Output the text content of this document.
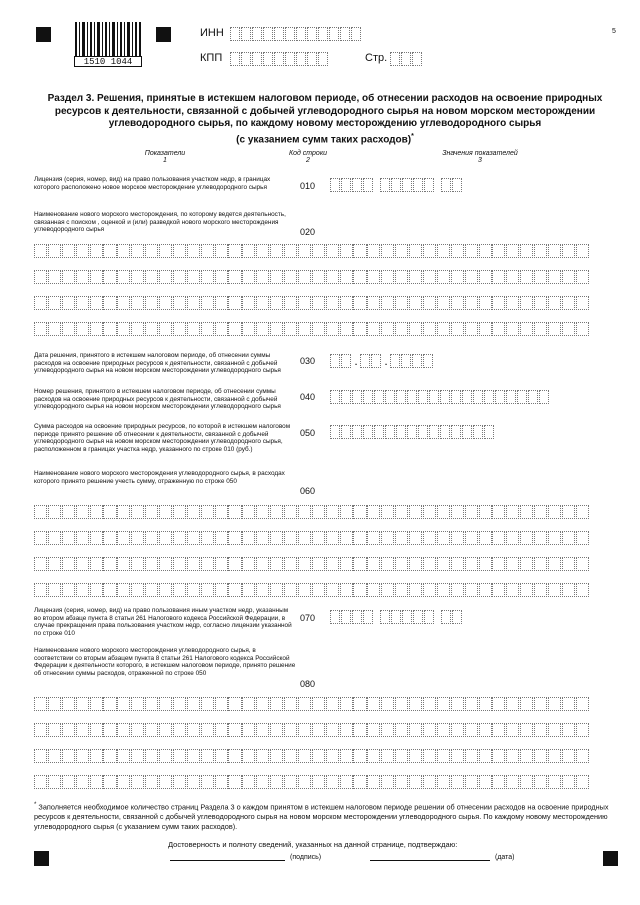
1510 1044
ИНН
КПП	Стр.
5
Раздел 3. Решения, принятые в истекшем налоговом периоде, об отнесении расходов на освоение природных
ресурсов к деятельности, связанной с добычей углеводородного сырья на новом морском месторождении
углеводородного сырья, по каждому новому месторождению углеводородного сырья
(с указанием сумм таких расходов)*
Показатели
1
Код строки
2
Значения показателей
3
Лицензия (серия, номер, вид) на право пользования участком недр, в границах которого расположено новое морское месторождение углеводородного сырья	010
Наименование нового морского месторождения, по которому ведется деятельность, связанная с поиском , оценкой и (или) разведкой нового морского месторождения углеводородного сырья	020
Дата решения, принятого в истекшем налоговом периоде, об отнесении суммы расходов на освоение природных ресурсов к деятельности, связанной с добычей углеводородного сырья на новом морском месторождении углеводородного сырья
030	. .
Номер решения, принятого в истекшем налоговом периоде, об отнесении суммы расходов на освоение природных ресурсов к деятельности, связанной с добычей углеводородного сырья на новом морском месторождении углеводородного сырья
040
Сумма расходов на освоение природных ресурсов, по которой в истекшем налоговом периоде принято решение об отнесении к деятельности, связанной с добычей углеводородного сырья на новом морском месторождении углеводородного сырья, расположенном в границах участка недр, указанного по строке 010 (руб.)
050
Наименование нового морского месторождения углеводородного сырья, в расходах которого принято решение учесть сумму, отраженную по строке 050
060
Лицензия (серия, номер, вид) на право пользования иным участком недр, указанным во втором абзаце пункта 8 статьи 261 Налогового кодекса Российской Федерации, в случае прекращения права пользования участком недр, согласно лицензии указанной по строке 010
070
Наименование нового морского месторождения углеводородного сырья, в соответствии со вторым абзацем пункта 8 статьи 261 Налогового кодекса Российской Федерации к деятельности которого, в истекшем налоговом периоде, принято решение об отнесении суммы расходов, отраженной по строке 050
080
* Заполняется необходимое количество страниц Раздела 3 о каждом принятом в истекшем налоговом периоде решении об отнесении расходов на освоение природных ресурсов к деятельности, связанной с добычей углеводородного сырья на новом морском месторождении углеводородного сырья. По каждому новому месторождению углеводородного сырья (с указанием сумм таких расходов).
Достоверность и полноту сведений, указанных на данной странице, подтверждаю:
(подпись)	(дата)
